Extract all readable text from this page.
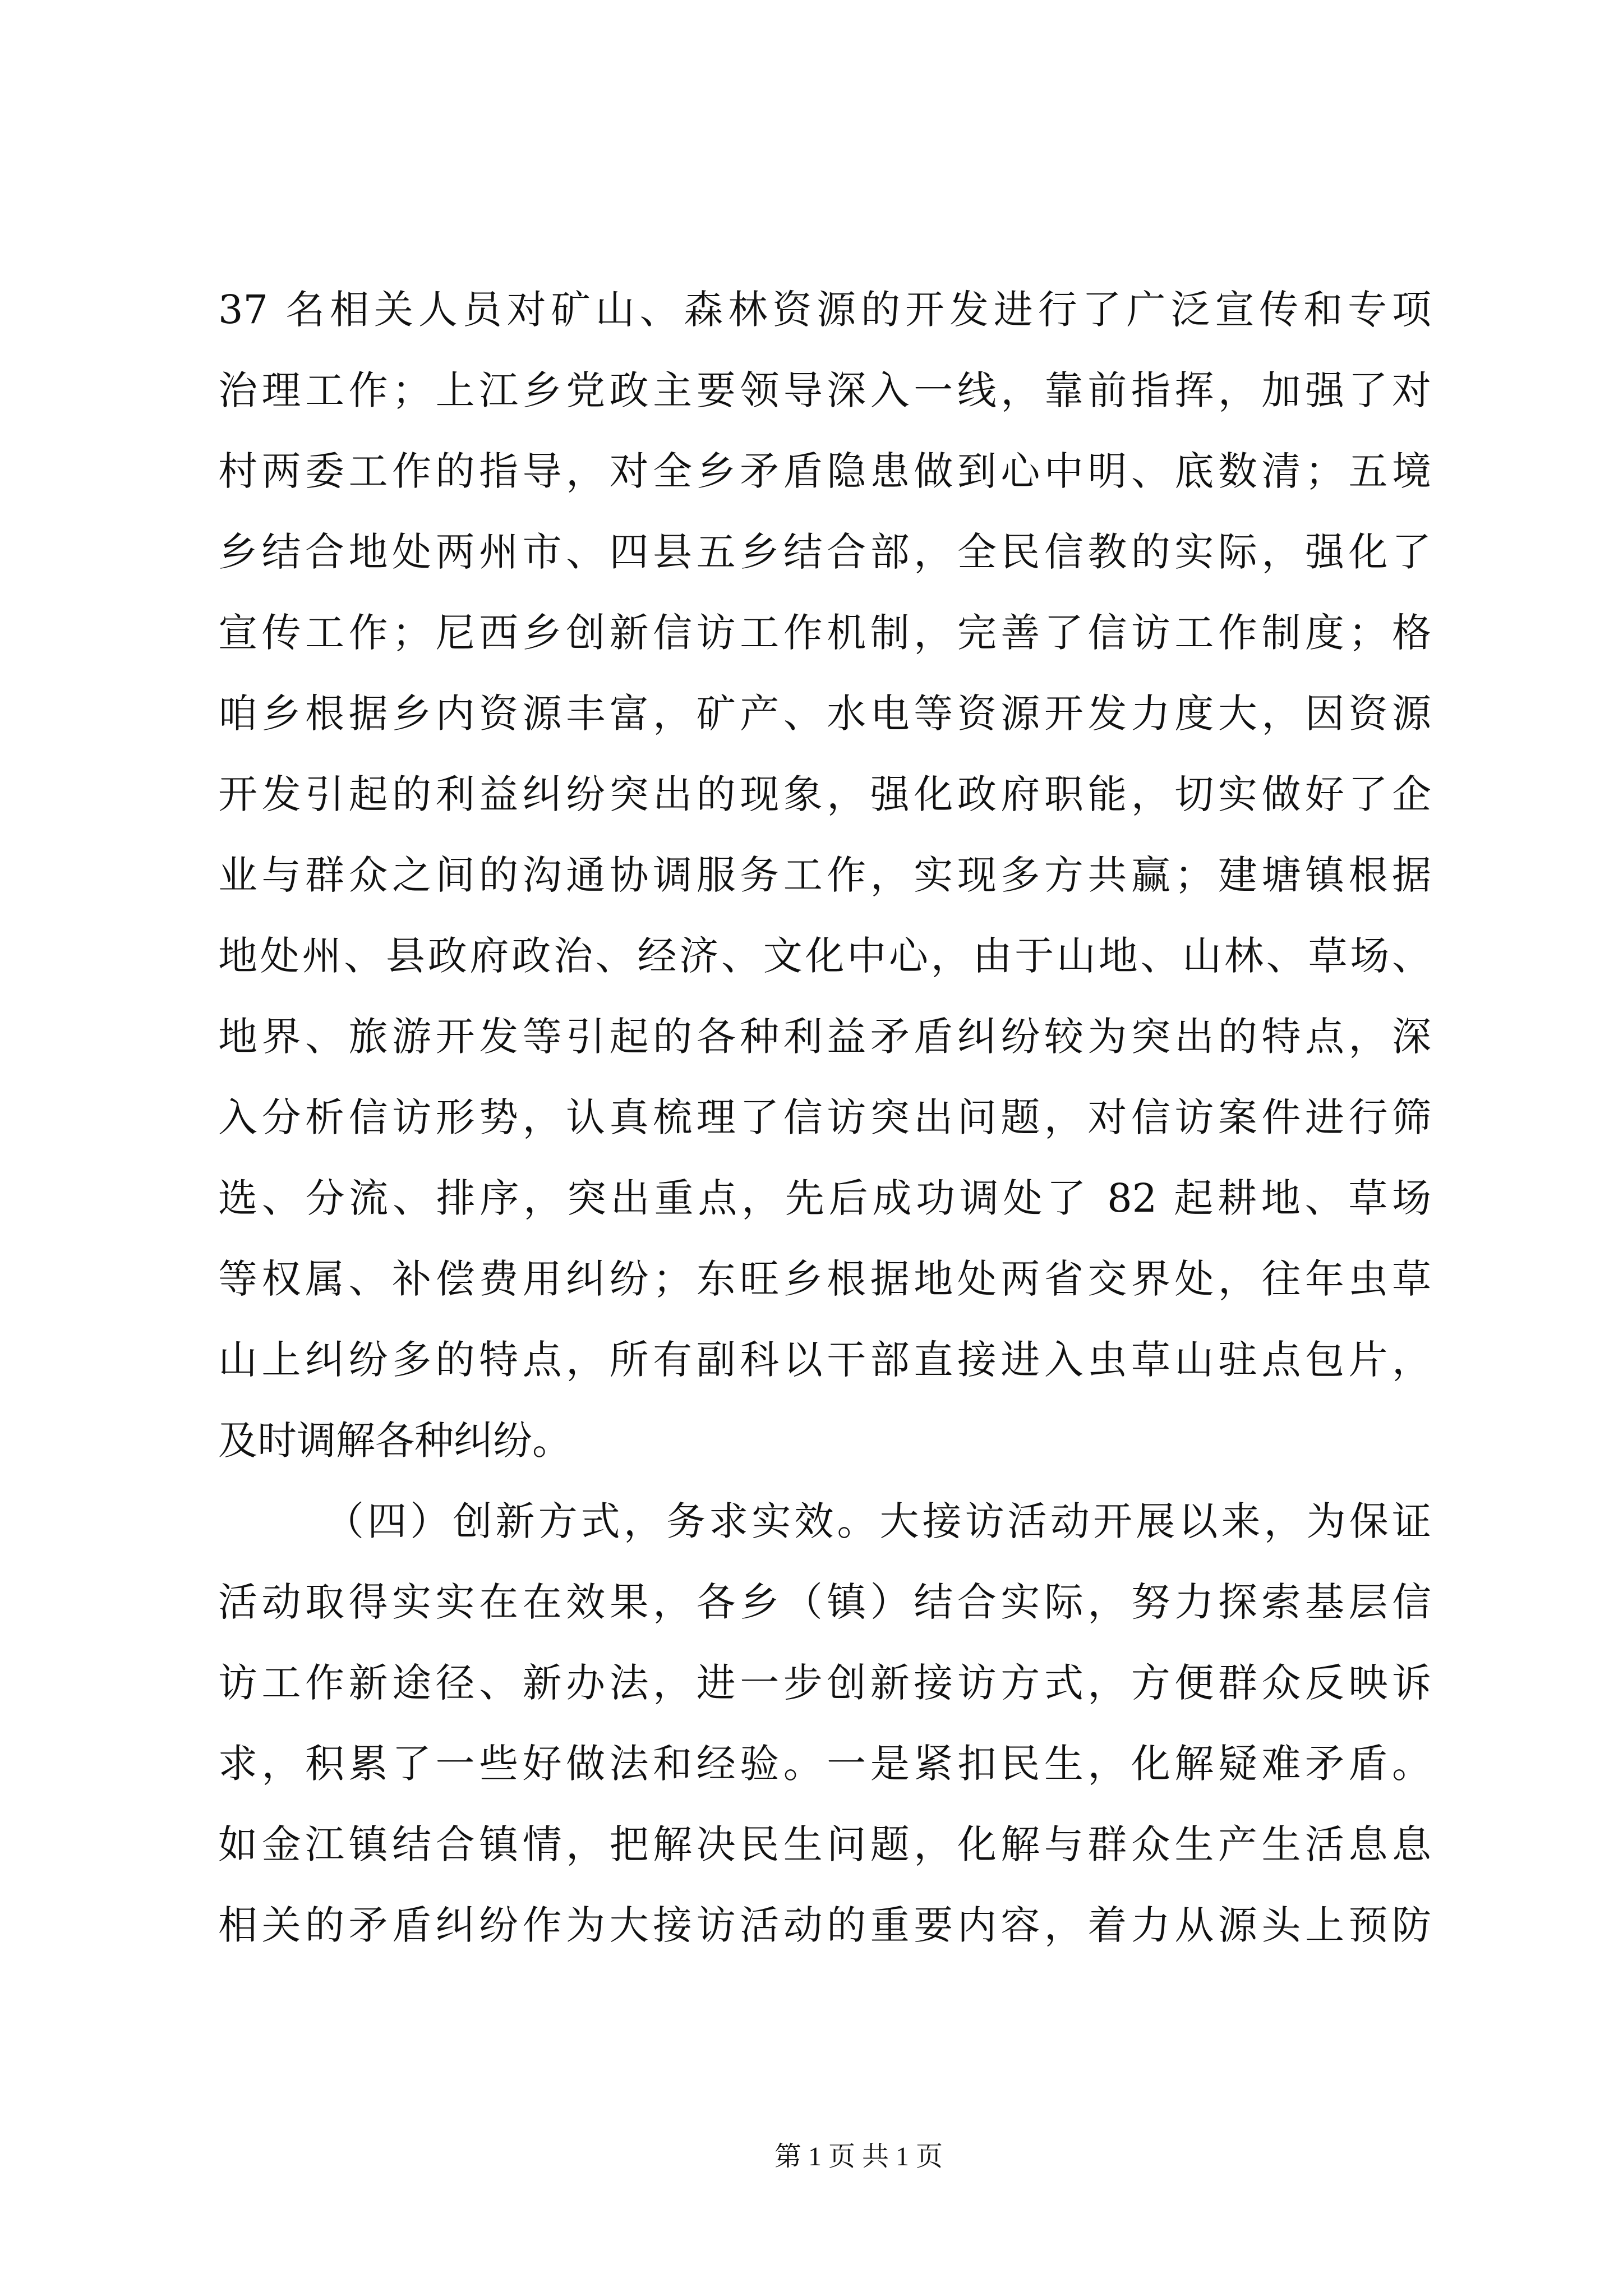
37 名相关人员对矿山、森林资源的开发进行了广泛宣传和专项
治理工作；上江乡党政主要领导深入一线，靠前指挥，加强了对
村两委工作的指导，对全乡矛盾隐患做到心中明、底数清；五境
乡结合地处两州市、四县五乡结合部，全民信教的实际，强化了
宣传工作；尼西乡创新信访工作机制，完善了信访工作制度；格
咱乡根据乡内资源丰富，矿产、水电等资源开发力度大，因资源
开发引起的利益纠纷突出的现象，强化政府职能，切实做好了企
业与群众之间的沟通协调服务工作，实现多方共赢；建塘镇根据
地处州、县政府政治、经济、文化中心，由于山地、山林、草场、
地界、旅游开发等引起的各种利益矛盾纠纷较为突出的特点，深
入分析信访形势，认真梳理了信访突出问题，对信访案件进行筛
选、分流、排序，突出重点，先后成功调处了 82 起耕地、草场
等权属、补偿费用纠纷；东旺乡根据地处两省交界处，往年虫草
山上纠纷多的特点，所有副科以干部直接进入虫草山驻点包片，
及时调解各种纠纷。
（四）创新方式，务求实效。大接访活动开展以来，为保证
活动取得实实在在效果，各乡（镇）结合实际，努力探索基层信
访工作新途径、新办法，进一步创新接访方式，方便群众反映诉
求，积累了一些好做法和经验。一是紧扣民生，化解疑难矛盾。
如金江镇结合镇情，把解决民生问题，化解与群众生产生活息息
相关的矛盾纠纷作为大接访活动的重要内容，着力从源头上预防
第 1 页 共 1 页
